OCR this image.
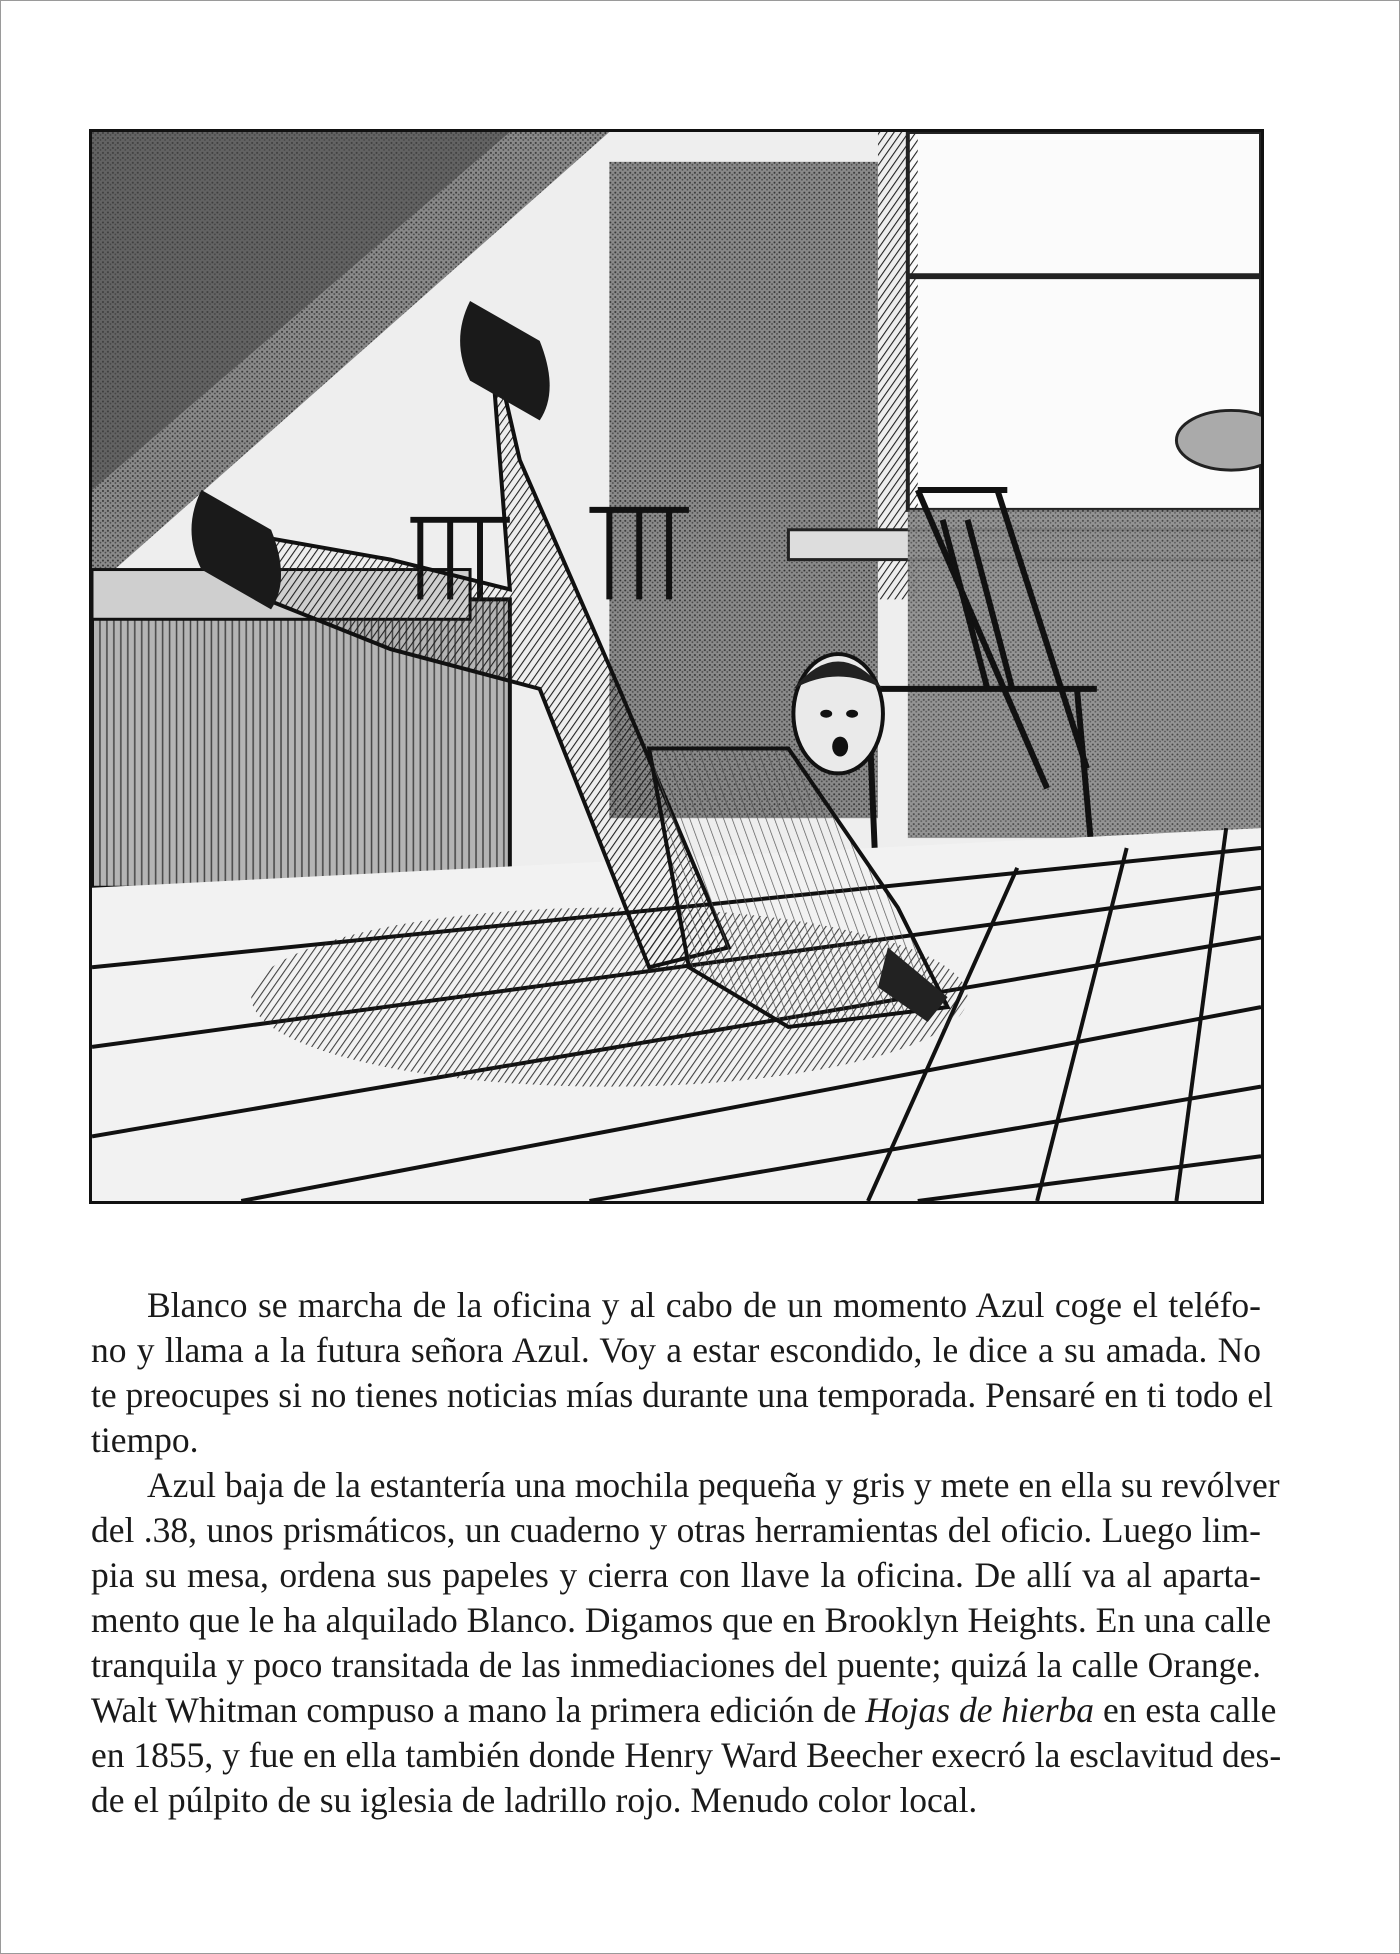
Blanco se marcha de la oficina y al cabo de un momento Azul coge el teléfo-
no y llama a la futura señora Azul. Voy a estar escondido, le dice a su amada. No
te preocupes si no tienes noticias mías durante una temporada. Pensaré en ti todo el
tiempo.
Azul baja de la estantería una mochila pequeña y gris y mete en ella su revólver
del .38, unos prismáticos, un cuaderno y otras herramientas del oficio. Luego lim-
pia su mesa, ordena sus papeles y cierra con llave la oficina. De allí va al aparta-
mento que le ha alquilado Blanco. Digamos que en Brooklyn Heights. En una calle
tranquila y poco transitada de las inmediaciones del puente; quizá la calle Orange.
Walt Whitman compuso a mano la primera edición de Hojas de hierba en esta calle
en 1855, y fue en ella también donde Henry Ward Beecher execró la esclavitud des-
de el púlpito de su iglesia de ladrillo rojo. Menudo color local.
